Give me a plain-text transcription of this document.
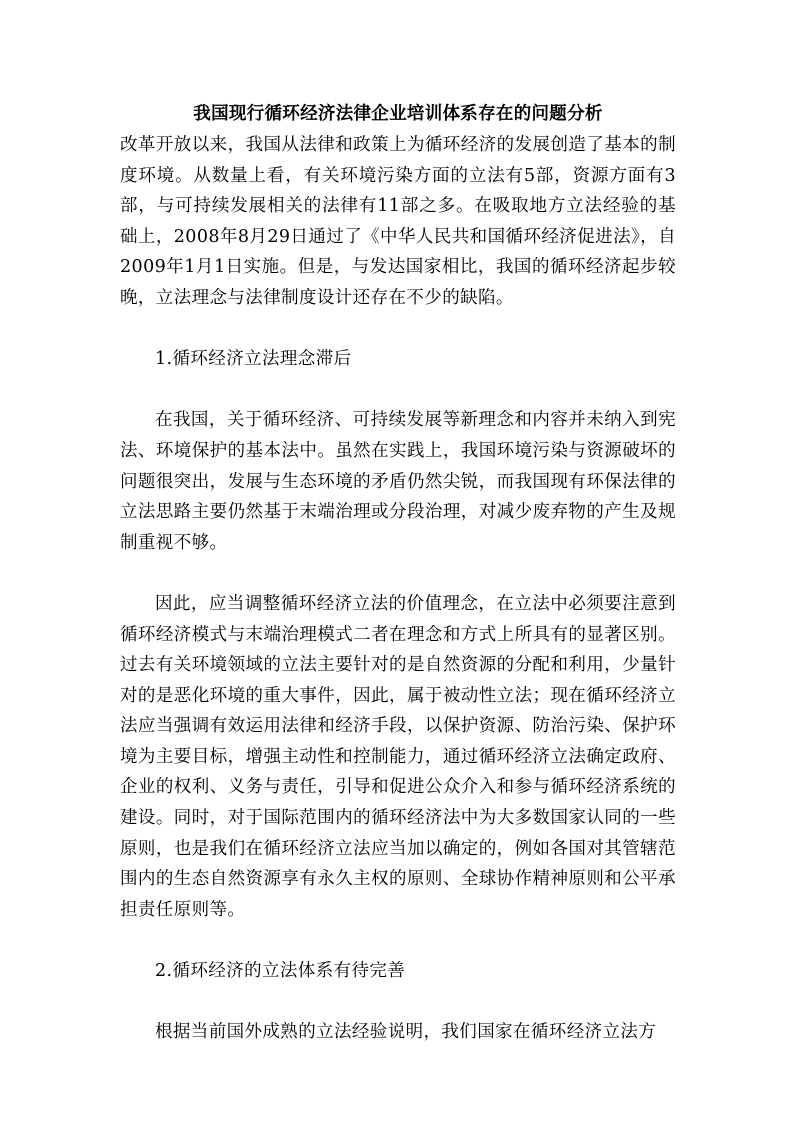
我国现行循环经济法律企业培训体系存在的问题分析

改革开放以来，我国从法律和政策上为循环经济的发展创造了基本的制度环境。从数量上看，有关环境污染方面的立法有5部，资源方面有3部，与可持续发展相关的法律有11部之多。在吸取地方立法经验的基础上，2008年8月29日通过了《中华人民共和国循环经济促进法》，自2009年1月1日实施。但是，与发达国家相比，我国的循环经济起步较晚，立法理念与法律制度设计还存在不少的缺陷。

1.循环经济立法理念滞后

在我国，关于循环经济、可持续发展等新理念和内容并未纳入到宪法、环境保护的基本法中。虽然在实践上，我国环境污染与资源破坏的问题很突出，发展与生态环境的矛盾仍然尖锐，而我国现有环保法律的立法思路主要仍然基于末端治理或分段治理，对减少废弃物的产生及规制重视不够。

因此，应当调整循环经济立法的价值理念，在立法中必须要注意到循环经济模式与末端治理模式二者在理念和方式上所具有的显著区别。过去有关环境领域的立法主要针对的是自然资源的分配和利用，少量针对的是恶化环境的重大事件，因此，属于被动性立法；现在循环经济立法应当强调有效运用法律和经济手段，以保护资源、防治污染、保护环境为主要目标，增强主动性和控制能力，通过循环经济立法确定政府、企业的权利、义务与责任，引导和促进公众介入和参与循环经济系统的建设。同时，对于国际范围内的循环经济法中为大多数国家认同的一些原则，也是我们在循环经济立法应当加以确定的，例如各国对其管辖范围内的生态自然资源享有永久主权的原则、全球协作精神原则和公平承担责任原则等。

2.循环经济的立法体系有待完善

根据当前国外成熟的立法经验说明，我们国家在循环经济立法方
